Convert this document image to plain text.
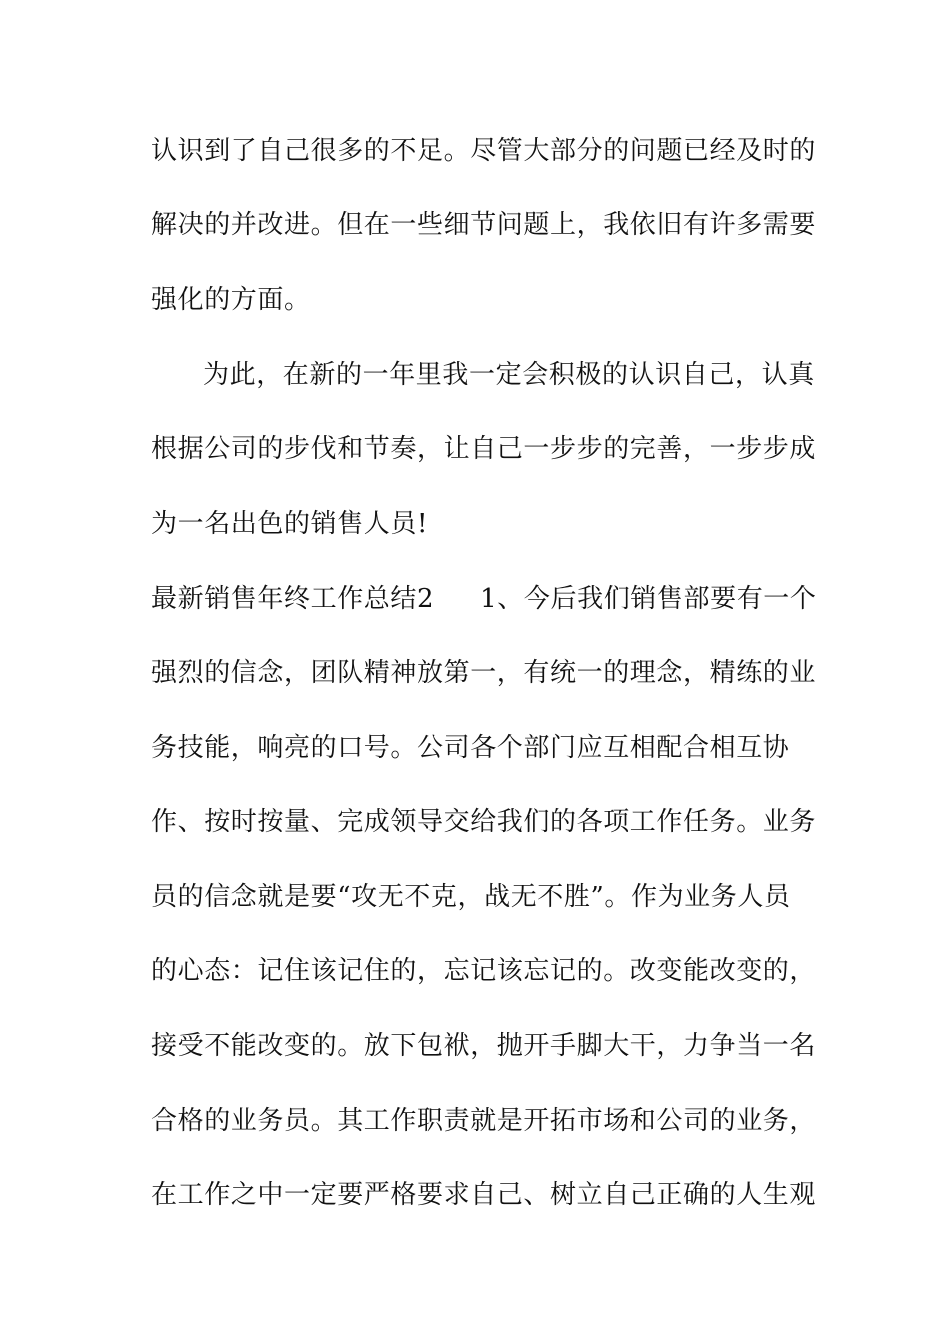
认识到了自己很多的不足。尽管大部分的问题已经及时的
解决的并改进。但在一些细节问题上，我依旧有许多需要
强化的方面。
为此，在新的一年里我一定会积极的认识自己，认真
根据公司的步伐和节奏，让自己一步步的完善，一步步成
为一名出色的销售人员!
最新销售年终工作总结2 1、今后我们销售部要有一个
强烈的信念，团队精神放第一，有统一的理念，精练的业
务技能，响亮的口号。公司各个部门应互相配合相互协
作、按时按量、完成领导交给我们的各项工作任务。业务
员的信念就是要“攻无不克，战无不胜”。作为业务人员
的心态：记住该记住的，忘记该忘记的。改变能改变的，
接受不能改变的。放下包袱，抛开手脚大干，力争当一名
合格的业务员。其工作职责就是开拓市场和公司的业务，
在工作之中一定要严格要求自己、树立自己正确的人生观
